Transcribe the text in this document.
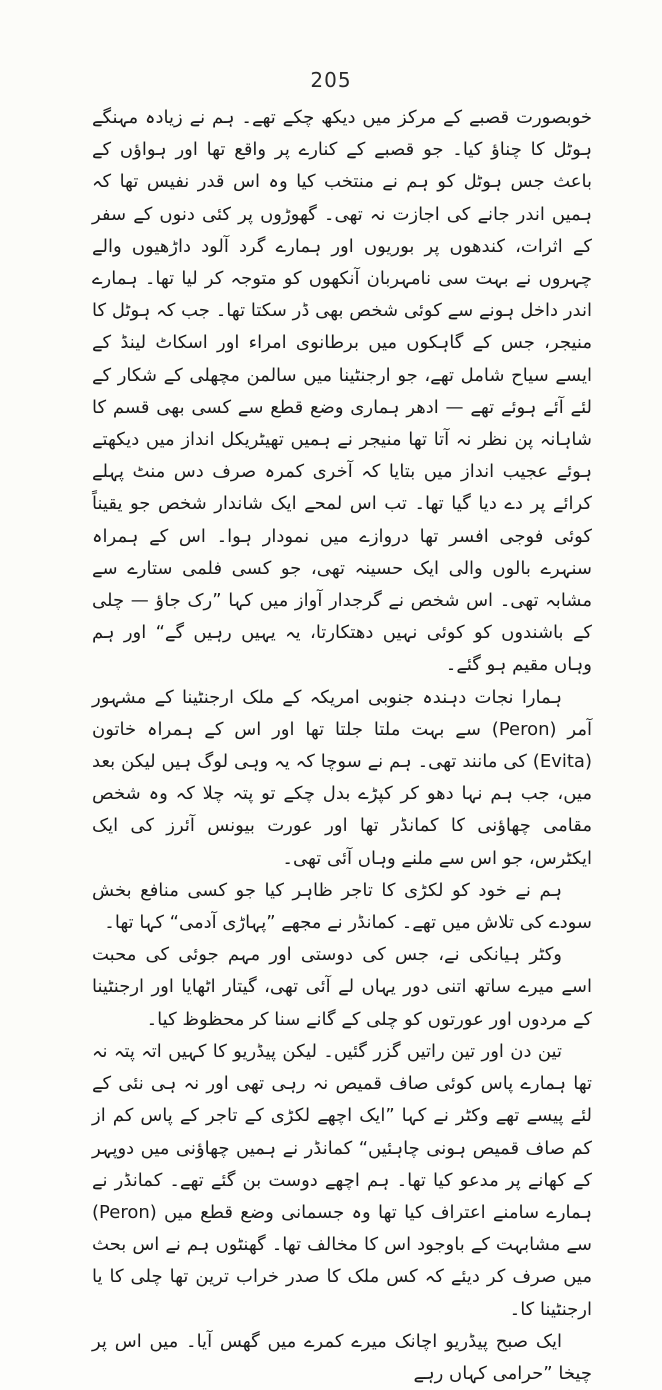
205

خوبصورت قصبے کے مرکز میں دیکھ چکے تھے۔ ہم نے زیادہ مہنگے ہوٹل کا چناؤ کیا۔ جو قصبے کے کنارے پر واقع تھا اور ہواؤں کے باعث جس ہوٹل کو ہم نے منتخب کیا وہ اس قدر نفیس تھا کہ ہمیں اندر جانے کی اجازت نہ تھی۔ گھوڑوں پر کئی دنوں کے سفر کے اثرات، کندھوں پر بوریوں اور ہمارے گرد آلود داڑھیوں والے چہروں نے بہت سی نامہربان آنکھوں کو متوجہ کر لیا تھا۔ ہمارے اندر داخل ہونے سے کوئی شخص بھی ڈر سکتا تھا۔ جب کہ ہوٹل کا منیجر، جس کے گاہکوں میں برطانوی امراء اور اسکاٹ لینڈ کے ایسے سیاح شامل تھے، جو ارجنٹینا میں سالمن مچھلی کے شکار کے لئے آئے ہوئے تھے — ادھر ہماری وضع قطع سے کسی بھی قسم کا شاہانہ پن نظر نہ آتا تھا منیجر نے ہمیں تھیٹریکل انداز میں دیکھتے ہوئے عجیب انداز میں بتایا کہ آخری کمرہ صرف دس منٹ پہلے کرائے پر دے دیا گیا تھا۔ تب اس لمحے ایک شاندار شخص جو یقیناً کوئی فوجی افسر تھا دروازے میں نمودار ہوا۔ اس کے ہمراہ سنہرے بالوں والی ایک حسینہ تھی، جو کسی فلمی ستارے سے مشابہ تھی۔ اس شخص نے گرجدار آواز میں کہا ”رک جاؤ — چلی کے باشندوں کو کوئی نہیں دھتکارتا، یہ یہیں رہیں گے“ اور ہم وہاں مقیم ہو گئے۔

ہمارا نجات دہندہ جنوبی امریکہ کے ملک ارجنٹینا کے مشہور آمر (Peron) سے بہت ملتا جلتا تھا اور اس کے ہمراہ خاتون (Evita) کی مانند تھی۔ ہم نے سوچا کہ یہ وہی لوگ ہیں لیکن بعد میں، جب ہم نہا دھو کر کپڑے بدل چکے تو پتہ چلا کہ وہ شخص مقامی چھاؤنی کا کمانڈر تھا اور عورت بیونس آئرز کی ایک ایکٹرس، جو اس سے ملنے وہاں آئی تھی۔

ہم نے خود کو لکڑی کا تاجر ظاہر کیا جو کسی منافع بخش سودے کی تلاش میں تھے۔ کمانڈر نے مجھے ”پہاڑی آدمی“ کہا تھا۔

وکٹر ہیانکی نے، جس کی دوستی اور مہم جوئی کی محبت اسے میرے ساتھ اتنی دور یہاں لے آئی تھی، گیتار اٹھایا اور ارجنٹینا کے مردوں اور عورتوں کو چلی کے گانے سنا کر محظوظ کیا۔

تین دن اور تین راتیں گزر گئیں۔ لیکن پیڈریو کا کہیں اتہ پتہ نہ تھا ہمارے پاس کوئی صاف قمیص نہ رہی تھی اور نہ ہی نئی کے لئے پیسے تھے وکٹر نے کہا ”ایک اچھے لکڑی کے تاجر کے پاس کم از کم صاف قمیص ہونی چاہئیں“ کمانڈر نے ہمیں چھاؤنی میں دوپہر کے کھانے پر مدعو کیا تھا۔ ہم اچھے دوست بن گئے تھے۔ کمانڈر نے ہمارے سامنے اعتراف کیا تھا وہ جسمانی وضع قطع میں (Peron) سے مشابہت کے باوجود اس کا مخالف تھا۔ گھنٹوں ہم نے اس بحث میں صرف کر دیئے کہ کس ملک کا صدر خراب ترین تھا چلی کا یا ارجنٹینا کا۔

ایک صبح پیڈریو اچانک میرے کمرے میں گھس آیا۔ میں اس پر چیخا ”حرامی کہاں رہے
